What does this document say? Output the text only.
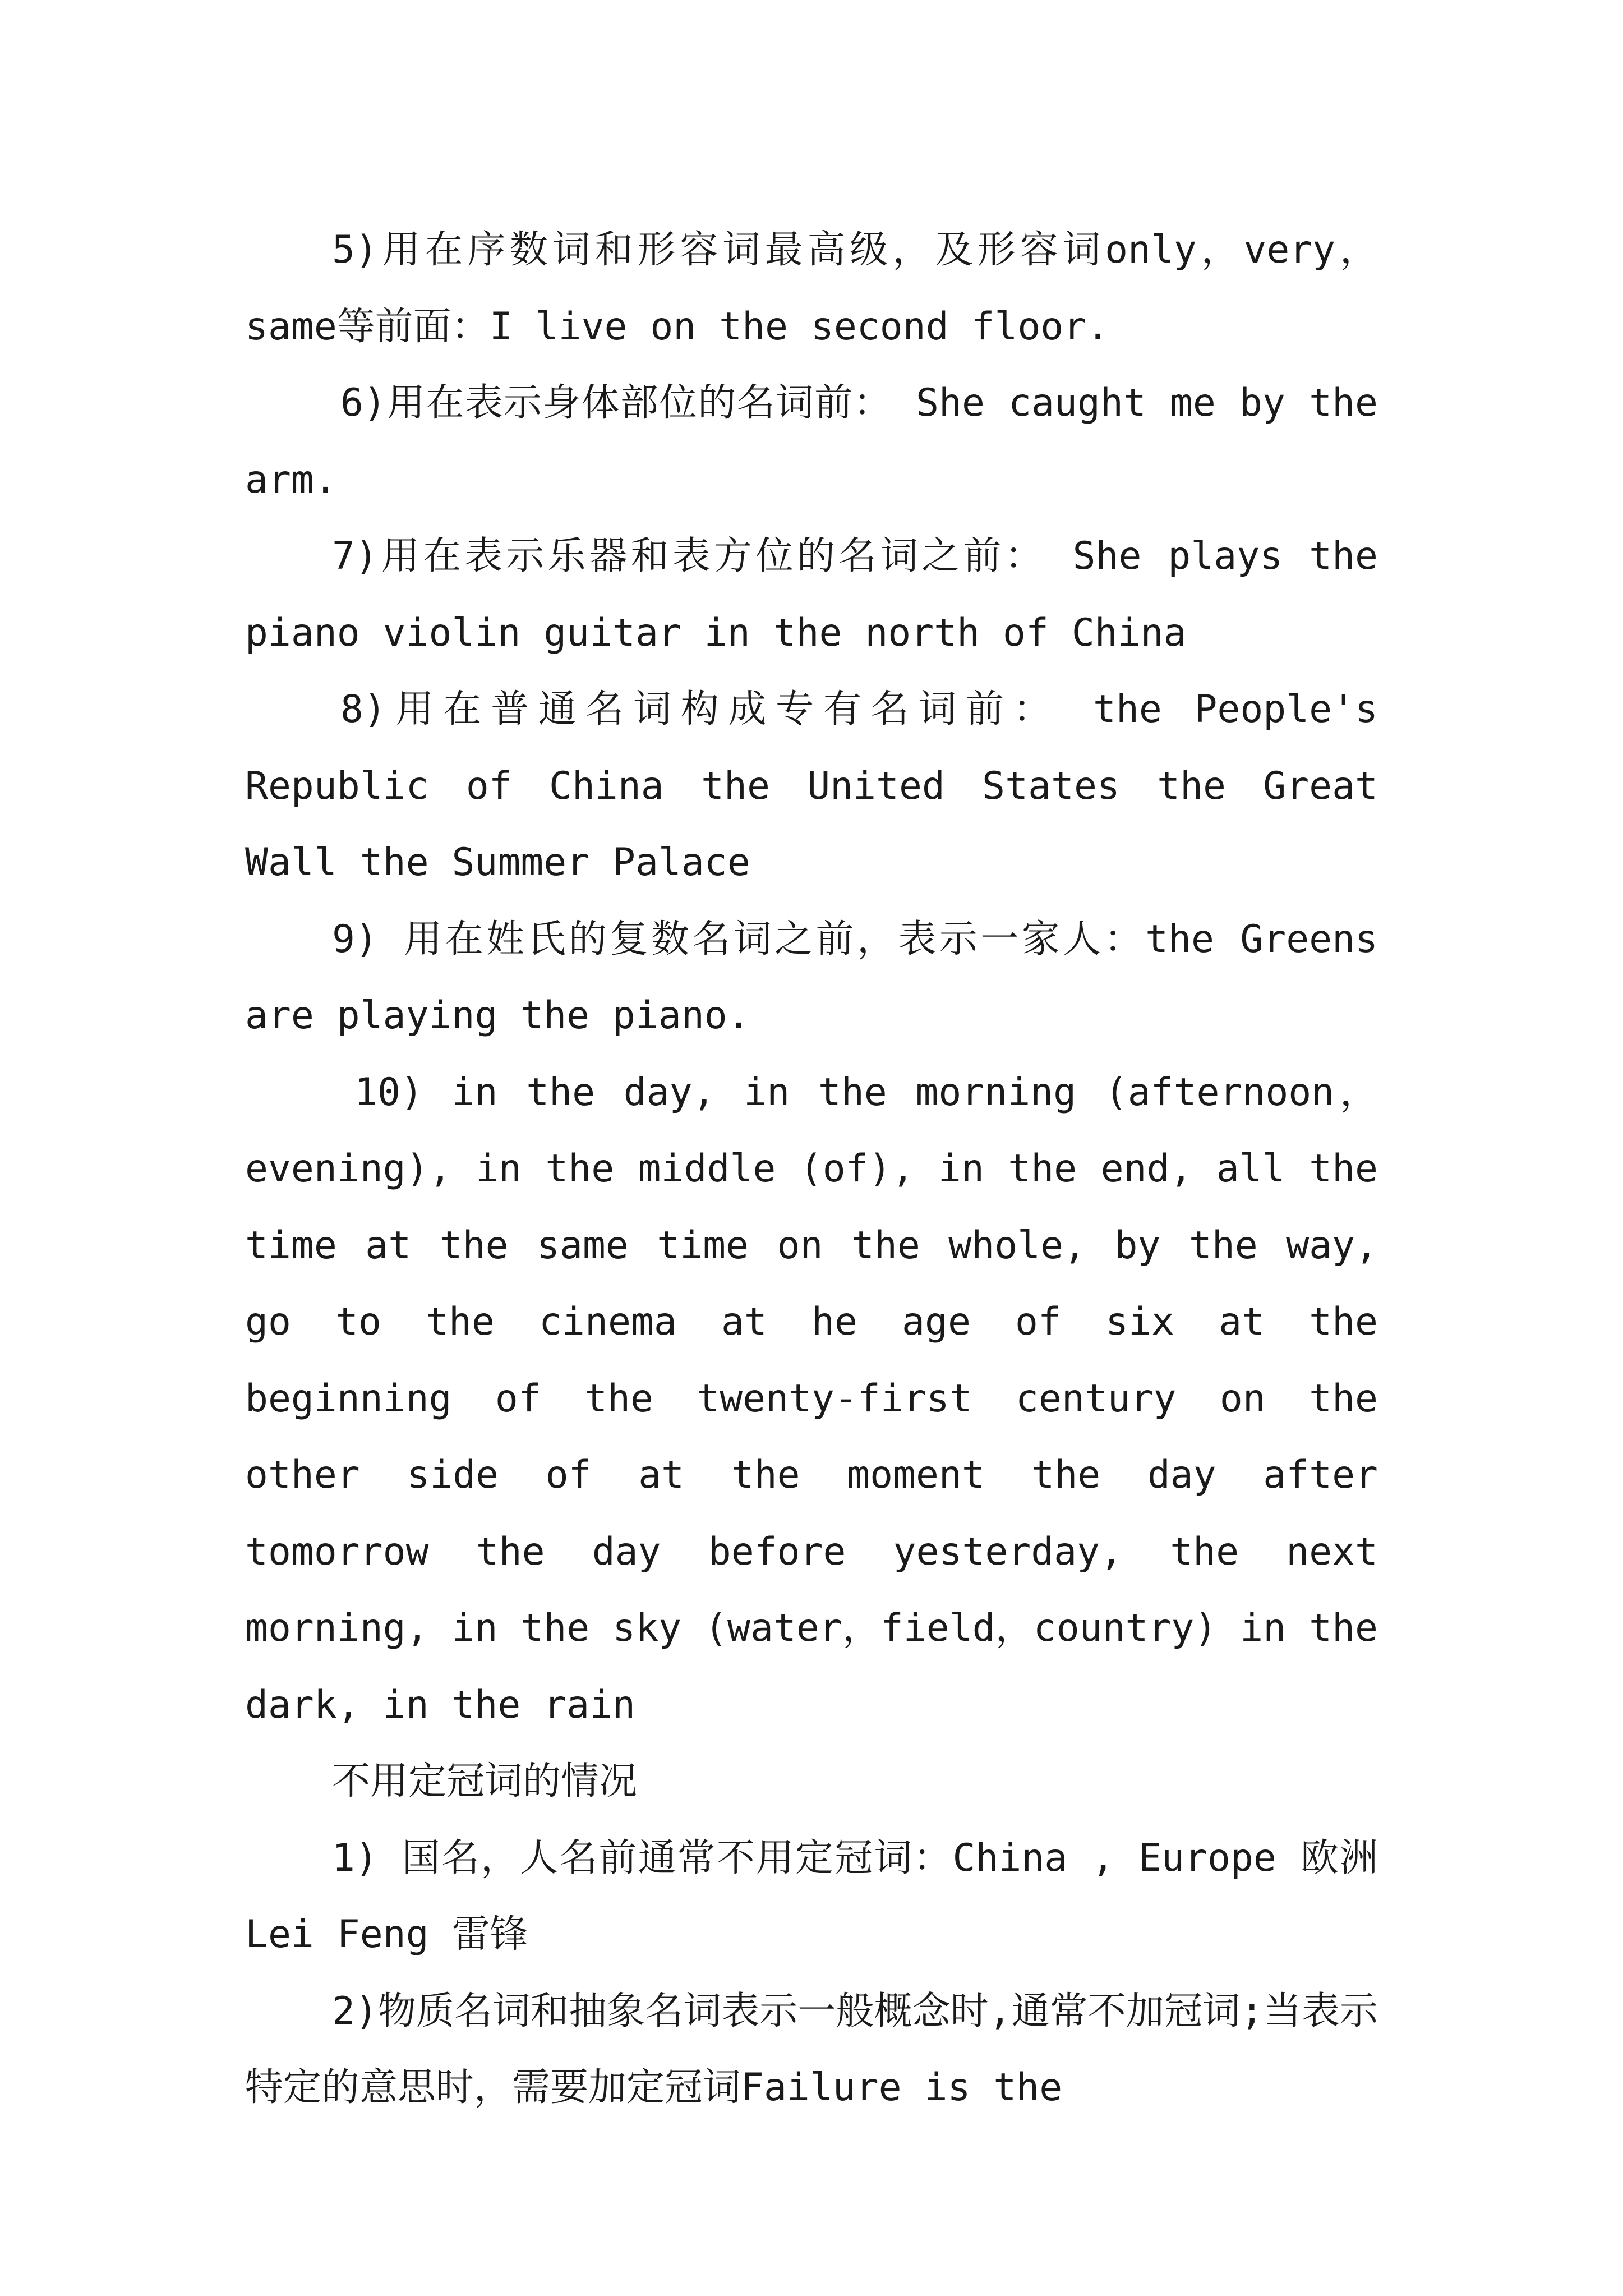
5)用在序数词和形容词最高级，及形容词only，very，same等前面：I live on the second floor.

6)用在表示身体部位的名词前： She caught me by the arm.

7)用在表示乐器和表方位的名词之前： She plays the piano violin guitar in the north of China

8)用在普通名词构成专有名词前： the People's Republic of China the United States the Great Wall the Summer Palace

9) 用在姓氏的复数名词之前，表示一家人：the Greens are playing the piano.

10) in the day, in the morning (afternoon，evening), in the middle (of), in the end, all the time at the same time on the whole, by the way, go to the cinema at he age of six at the beginning of the twenty-first century on the other side of at the moment the day after tomorrow the day before yesterday, the next morning, in the sky (water，field，country) in the dark, in the rain

不用定冠词的情况

1) 国名，人名前通常不用定冠词：China , Europe 欧洲 Lei Feng 雷锋

2)物质名词和抽象名词表示一般概念时,通常不加冠词;当表示特定的意思时，需要加定冠词Failure is the
